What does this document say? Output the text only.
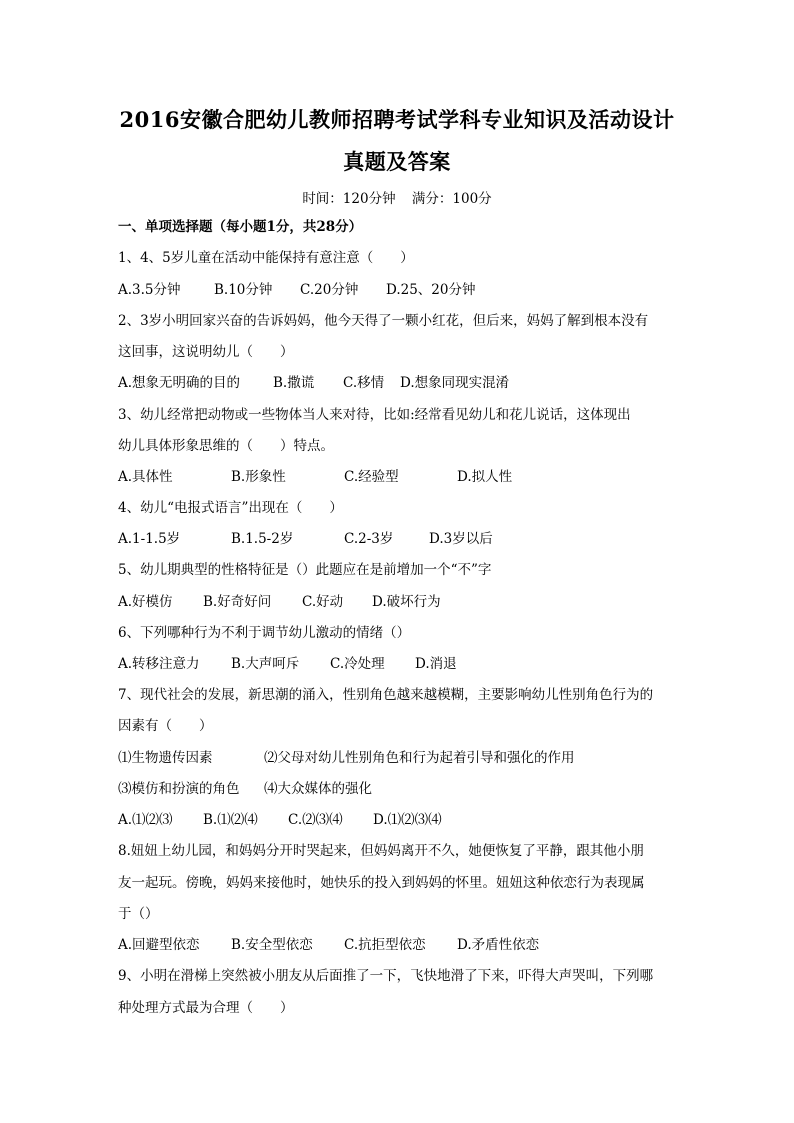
2016安徽合肥幼儿教师招聘考试学科专业知识及活动设计
真题及答案
时间：120分钟 满分：100分
一、单项选择题（每小题1分，共28分）
1、4、5岁儿童在活动中能保持有意注意（　　）
A.3.5分钟 B.10分钟 C.20分钟 D.25、20分钟
2、3岁小明回家兴奋的告诉妈妈，他今天得了一颗小红花，但后来，妈妈了解到根本没有
这回事，这说明幼儿（　　）
A.想象无明确的目的 B.撒谎 C.移情 D.想象同现实混淆
3、幼儿经常把动物或一些物体当人来对待，比如:经常看见幼儿和花儿说话，这体现出
幼儿具体形象思维的（　　）特点。
A.具体性	B.形象性	C.经验型	D.拟人性
4、幼儿“电报式语言”出现在（　　）
A.1-1.5岁	B.1.5-2岁	C.2-3岁	D.3岁以后
5、幼儿期典型的性格特征是（）此题应在是前增加一个“不”字
A.好模仿 B.好奇好问 C.好动 D.破坏行为
6、下列哪种行为不利于调节幼儿激动的情绪（）
A.转移注意力 B.大声呵斥 C.冷处理 D.消退
7、现代社会的发展，新思潮的涌入，性别角色越来越模糊，主要影响幼儿性别角色行为的
因素有（　　）
⑴生物遗传因素	⑵父母对幼儿性别角色和行为起着引导和强化的作用
⑶模仿和扮演的角色 ⑷大众媒体的强化
A.⑴⑵⑶ B.⑴⑵⑷ C.⑵⑶⑷ D.⑴⑵⑶⑷
8.妞妞上幼儿园，和妈妈分开时哭起来，但妈妈离开不久，她便恢复了平静，跟其他小朋
友一起玩。傍晚，妈妈来接他时，她快乐的投入到妈妈的怀里。妞妞这种依恋行为表现属
于（）
A.回避型依恋 B.安全型依恋 C.抗拒型依恋 D.矛盾性依恋
9、小明在滑梯上突然被小朋友从后面推了一下，飞快地滑了下来，吓得大声哭叫，下列哪
种处理方式最为合理（　　）
